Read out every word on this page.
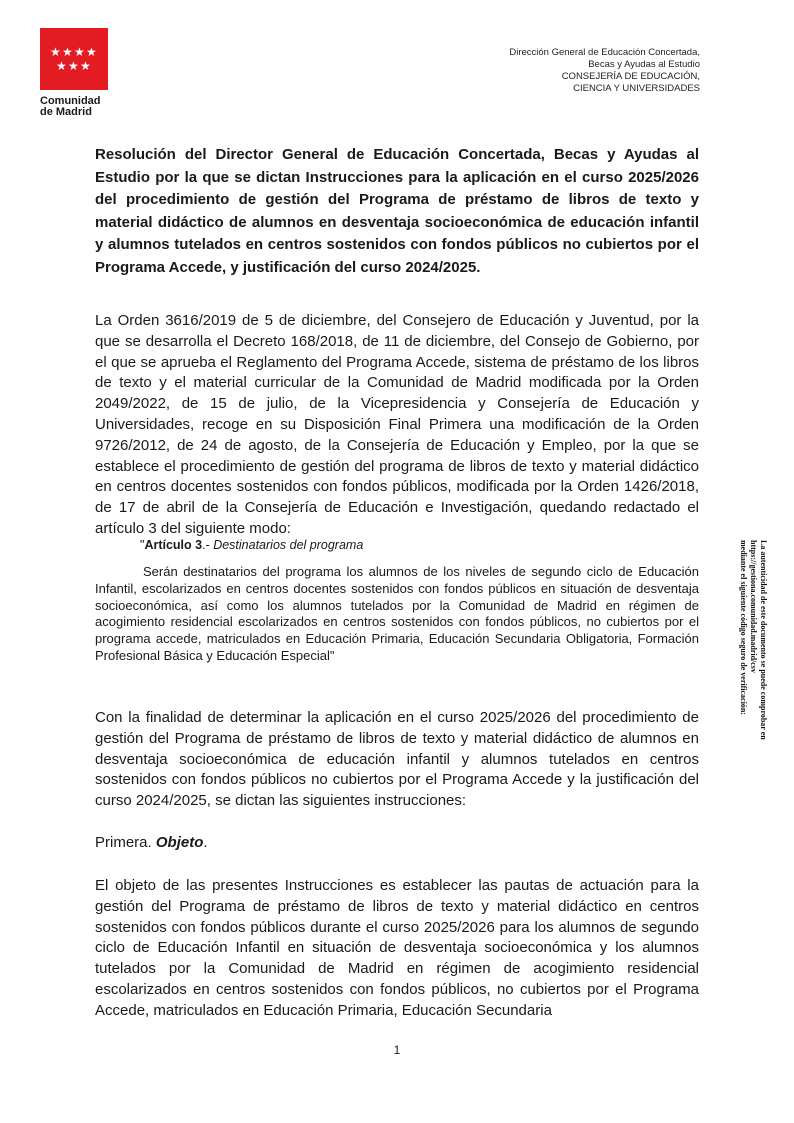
★ ★ ★ ★
★ ★ ★
Comunidad
de Madrid
Dirección General de Educación Concertada,
Becas y Ayudas al Estudio
CONSEJERÍA DE EDUCACIÓN,
CIENCIA Y UNIVERSIDADES

Resolución del Director General de Educación Concertada, Becas y Ayudas al Estudio por la que se dictan Instrucciones para la aplicación en el curso 2025/2026 del procedimiento de gestión del Programa de préstamo de libros de texto y material didáctico de alumnos en desventaja socioeconómica de educación infantil y alumnos tutelados en centros sostenidos con fondos públicos no cubiertos por el Programa Accede, y justificación del curso 2024/2025.

La Orden 3616/2019 de 5 de diciembre, del Consejero de Educación y Juventud, por la que se desarrolla el Decreto 168/2018, de 11 de diciembre, del Consejo de Gobierno, por el que se aprueba el Reglamento del Programa Accede, sistema de préstamo de los libros de texto y el material curricular de la Comunidad de Madrid modificada por la Orden 2049/2022, de 15 de julio, de la Vicepresidencia y Consejería de Educación y Universidades, recoge en su Disposición Final Primera una modificación de la Orden 9726/2012, de 24 de agosto, de la Consejería de Educación y Empleo, por la que se establece el procedimiento de gestión del programa de libros de texto y material didáctico en centros docentes sostenidos con fondos públicos, modificada por la Orden 1426/2018, de 17 de abril de la Consejería de Educación e Investigación, quedando redactado el artículo 3 del siguiente modo:

"Artículo 3.- Destinatarios del programa

Serán destinatarios del programa los alumnos de los niveles de segundo ciclo de Educación Infantil, escolarizados en centros docentes sostenidos con fondos públicos en situación de desventaja socioeconómica, así como los alumnos tutelados por la Comunidad de Madrid en régimen de acogimiento residencial escolarizados en centros sostenidos con fondos públicos, no cubiertos por el programa accede, matriculados en Educación Primaria, Educación Secundaria Obligatoria, Formación Profesional Básica y Educación Especial"

Con la finalidad de determinar la aplicación en el curso 2025/2026 del procedimiento de gestión del Programa de préstamo de libros de texto y material didáctico de alumnos en desventaja socioeconómica de educación infantil y alumnos tutelados en centros sostenidos con fondos públicos no cubiertos por el Programa Accede y la justificación del curso 2024/2025, se dictan las siguientes instrucciones:

Primera. Objeto.

El objeto de las presentes Instrucciones es establecer las pautas de actuación para la gestión del Programa de préstamo de libros de texto y material didáctico en centros sostenidos con fondos públicos durante el curso 2025/2026 para los alumnos de segundo ciclo de Educación Infantil en situación de desventaja socioeconómica y los alumnos tutelados por la Comunidad de Madrid en régimen de acogimiento residencial escolarizados en centros sostenidos con fondos públicos, no cubiertos por el Programa Accede, matriculados en Educación Primaria, Educación Secundaria

La autenticidad de este documento se puede comprobar en
https://gestiona.comunidad.madrid/csv
mediante el siguiente código seguro de verificación:
1
